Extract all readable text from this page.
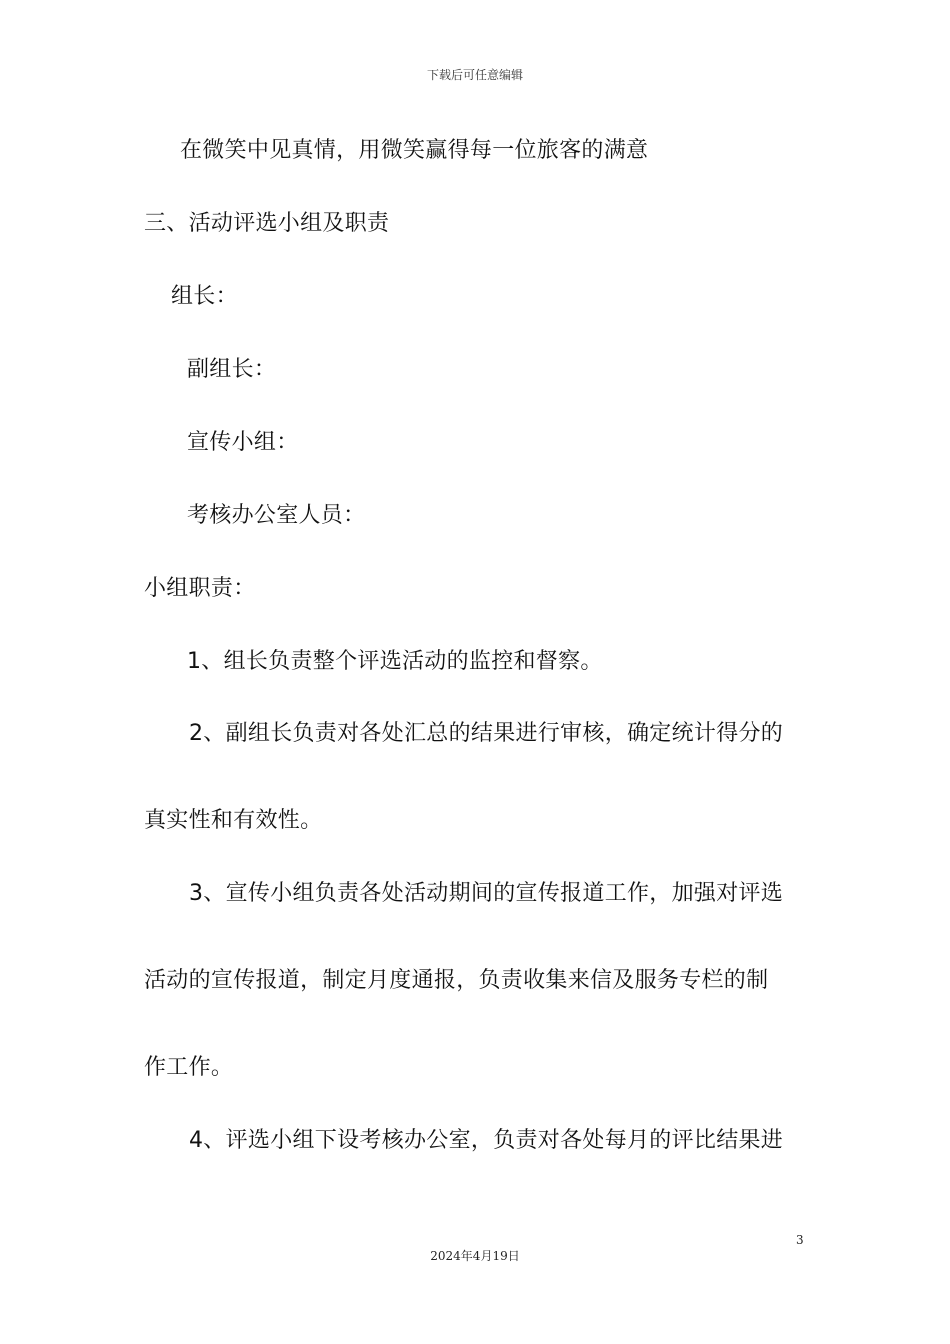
下载后可任意编辑
在微笑中见真情，用微笑赢得每一位旅客的满意
三、活动评选小组及职责
组长：
副组长：
宣传小组：
考核办公室人员：
小组职责：
1、组长负责整个评选活动的监控和督察。
2、副组长负责对各处汇总的结果进行审核，确定统计得分的
真实性和有效性。
3、宣传小组负责各处活动期间的宣传报道工作，加强对评选
活动的宣传报道，制定月度通报，负责收集来信及服务专栏的制
作工作。
4、评选小组下设考核办公室，负责对各处每月的评比结果进
3
2024年4月19日
